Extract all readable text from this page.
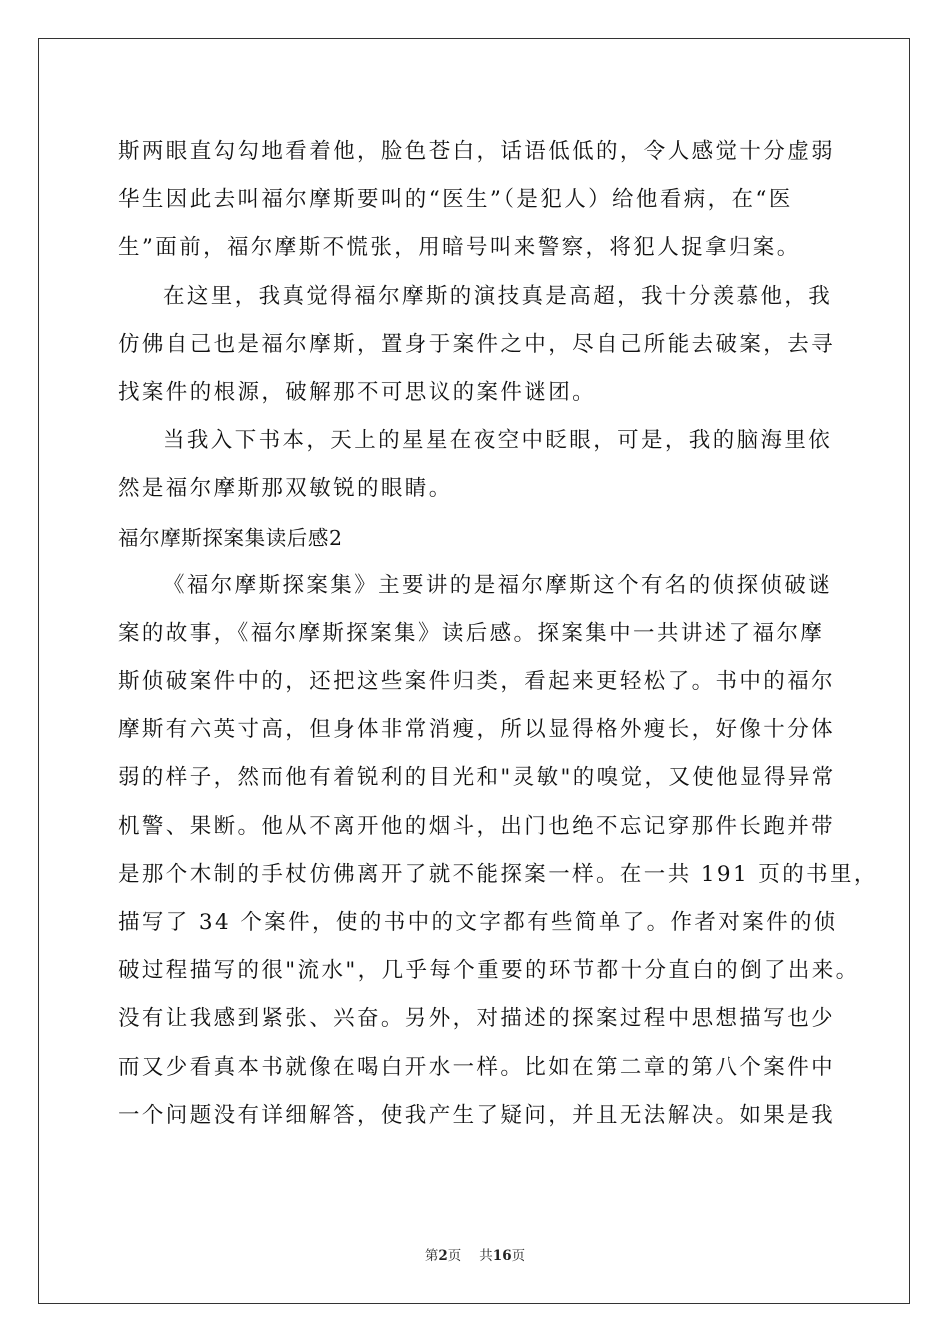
斯两眼直勾勾地看着他，脸色苍白，话语低低的，令人感觉十分虚弱
华生因此去叫福尔摩斯要叫的“医生”（是犯人）给他看病，在“医
生”面前，福尔摩斯不慌张，用暗号叫来警察，将犯人捉拿归案。
在这里，我真觉得福尔摩斯的演技真是高超，我十分羡慕他，我
仿佛自己也是福尔摩斯，置身于案件之中，尽自己所能去破案，去寻
找案件的根源，破解那不可思议的案件谜团。
当我入下书本，天上的星星在夜空中眨眼，可是，我的脑海里依
然是福尔摩斯那双敏锐的眼睛。
福尔摩斯探案集读后感2
《福尔摩斯探案集》主要讲的是福尔摩斯这个有名的侦探侦破谜
案的故事，《福尔摩斯探案集》读后感。探案集中一共讲述了福尔摩
斯侦破案件中的，还把这些案件归类，看起来更轻松了。书中的福尔
摩斯有六英寸高，但身体非常消瘦，所以显得格外瘦长，好像十分体
弱的样子，然而他有着锐利的目光和"灵敏"的嗅觉，又使他显得异常
机警、果断。他从不离开他的烟斗，出门也绝不忘记穿那件长跑并带
是那个木制的手杖仿佛离开了就不能探案一样。在一共 191 页的书里，
描写了 34 个案件，使的书中的文字都有些简单了。作者对案件的侦
破过程描写的很"流水"，几乎每个重要的环节都十分直白的倒了出来。
没有让我感到紧张、兴奋。另外，对描述的探案过程中思想描写也少
而又少看真本书就像在喝白开水一样。比如在第二章的第八个案件中
一个问题没有详细解答，使我产生了疑问，并且无法解决。如果是我
第2页 共16页
